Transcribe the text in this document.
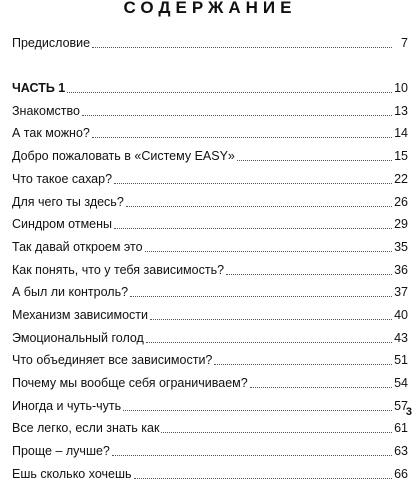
СОДЕРЖАНИЕ
Предисловие	7
ЧАСТЬ 1	10
Знакомство	13
А так можно?	14
Добро пожаловать в «Систему EASY»	15
Что такое сахар?	22
Для чего ты здесь?	26
Синдром отмены	29
Так давай откроем это	35
Как понять, что у тебя зависимость?	36
А был ли контроль?	37
Механизм зависимости	40
Эмоциональный голод	43
Что объединяет все зависимости?	51
Почему мы вообще себя ограничиваем?	54
Иногда и чуть-чуть	57
Все легко, если знать как	61
Проще – лучше?	63
Ешь сколько хочешь	66
3
